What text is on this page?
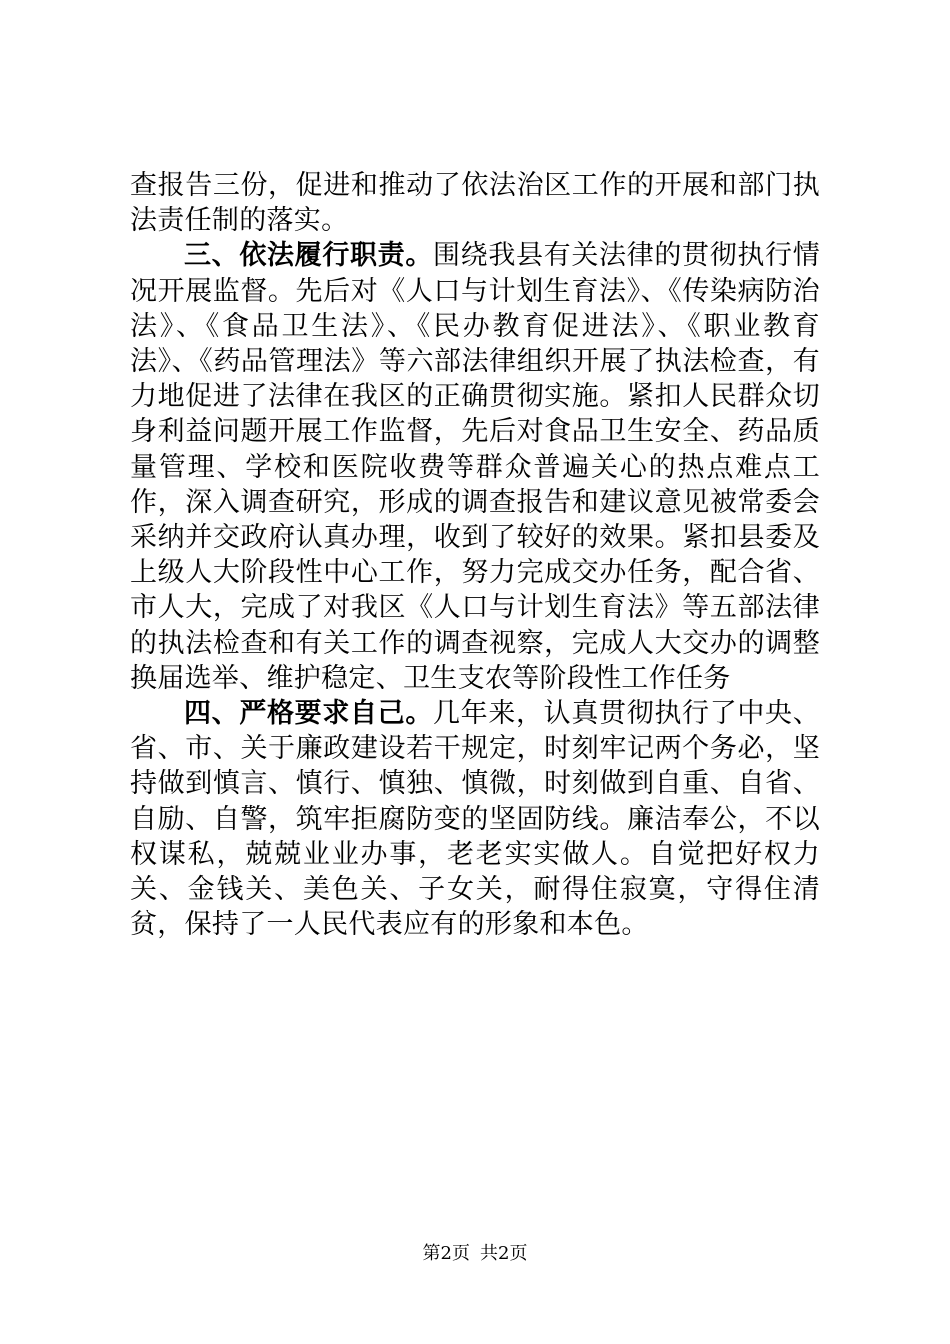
查报告三份，促进和推动了依法治区工作的开展和部门执法责任制的落实。

三、依法履行职责。围绕我县有关法律的贯彻执行情况开展监督。先后对《人口与计划生育法》、《传染病防治法》、《食品卫生法》、《民办教育促进法》、《职业教育法》、《药品管理法》等六部法律组织开展了执法检查，有力地促进了法律在我区的正确贯彻实施。紧扣人民群众切身利益问题开展工作监督，先后对食品卫生安全、药品质量管理、学校和医院收费等群众普遍关心的热点难点工作，深入调查研究，形成的调查报告和建议意见被常委会采纳并交政府认真办理，收到了较好的效果。紧扣县委及上级人大阶段性中心工作，努力完成交办任务，配合省、市人大，完成了对我区《人口与计划生育法》等五部法律的执法检查和有关工作的调查视察，完成人大交办的调整换届选举、维护稳定、卫生支农等阶段性工作任务

四、严格要求自己。几年来，认真贯彻执行了中央、省、市、关于廉政建设若干规定，时刻牢记两个务必，坚持做到慎言、慎行、慎独、慎微，时刻做到自重、自省、自励、自警，筑牢拒腐防变的坚固防线。廉洁奉公，不以权谋私，兢兢业业办事，老老实实做人。自觉把好权力关、金钱关、美色关、子女关，耐得住寂寞，守得住清贫，保持了一人民代表应有的形象和本色。

第2页 共2页
